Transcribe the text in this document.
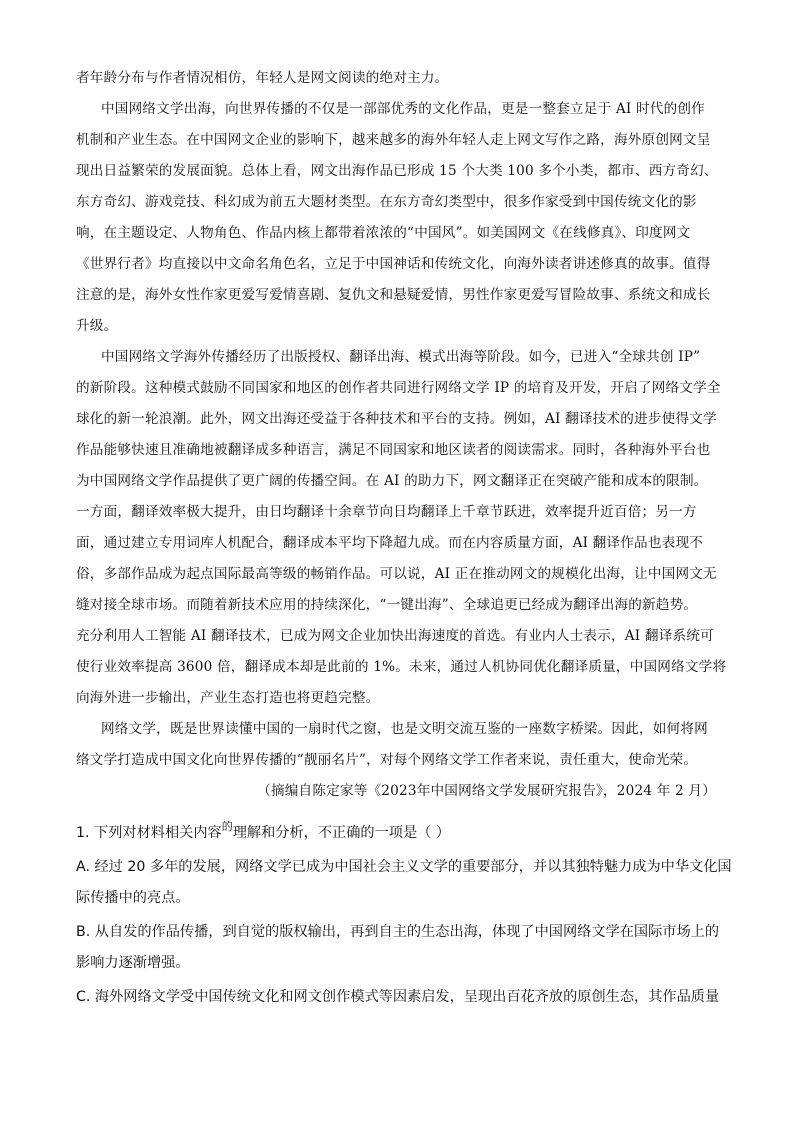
者年龄分布与作者情况相仿，年轻人是网文阅读的绝对主力。
中国网络文学出海，向世界传播的不仅是一部部优秀的文化作品，更是一整套立足于 AI 时代的创作
机制和产业生态。在中国网文企业的影响下，越来越多的海外年轻人走上网文写作之路，海外原创网文呈
现出日益繁荣的发展面貌。总体上看，网文出海作品已形成 15 个大类 100 多个小类，都市、西方奇幻、
东方奇幻、游戏竞技、科幻成为前五大题材类型。在东方奇幻类型中，很多作家受到中国传统文化的影
响，在主题设定、人物角色、作品内核上都带着浓浓的“中国风”。如美国网文《在线修真》、印度网文
《世界行者》均直接以中文命名角色名，立足于中国神话和传统文化，向海外读者讲述修真的故事。值得
注意的是，海外女性作家更爱写爱情喜剧、复仇文和悬疑爱情，男性作家更爱写冒险故事、系统文和成长
升级。
中国网络文学海外传播经历了出版授权、翻译出海、模式出海等阶段。如今，已进入“全球共创 IP”
的新阶段。这种模式鼓励不同国家和地区的创作者共同进行网络文学 IP 的培育及开发，开启了网络文学全
球化的新一轮浪潮。此外，网文出海还受益于各种技术和平台的支持。例如，AI 翻译技术的进步使得文学
作品能够快速且准确地被翻译成多种语言，满足不同国家和地区读者的阅读需求。同时，各种海外平台也
为中国网络文学作品提供了更广阔的传播空间。在 AI 的助力下，网文翻译正在突破产能和成本的限制。
一方面，翻译效率极大提升，由日均翻译十余章节向日均翻译上千章节跃进，效率提升近百倍；另一方
面，通过建立专用词库人机配合，翻译成本平均下降超九成。而在内容质量方面，AI 翻译作品也表现不
俗，多部作品成为起点国际最高等级的畅销作品。可以说，AI 正在推动网文的规模化出海，让中国网文无
缝对接全球市场。而随着新技术应用的持续深化，“一键出海”、全球追更已经成为翻译出海的新趋势。
充分利用人工智能 AI 翻译技术，已成为网文企业加快出海速度的首选。有业内人士表示，AI 翻译系统可
使行业效率提高 3600 倍，翻译成本却是此前的 1%。未来，通过人机协同优化翻译质量，中国网络文学将
向海外进一步输出，产业生态打造也将更趋完整。
网络文学，既是世界读懂中国的一扇时代之窗，也是文明交流互鉴的一座数字桥梁。因此，如何将网
络文学打造成中国文化向世界传播的“靓丽名片”，对每个网络文学工作者来说，责任重大，使命光荣。
（摘编自陈定家等《2023年中国网络文学发展研究报告》，2024 年 2 月）
1. 下列对材料相关内容$^的$理解和分析，不正确的一项是（ ）
A. 经过 20 多年的发展，网络文学已成为中国社会主义文学的重要部分，并以其独特魅力成为中华文化国
际传播中的亮点。
B. 从自发的作品传播，到自觉的版权输出，再到自主的生态出海，体现了中国网络文学在国际市场上的
影响力逐渐增强。
C. 海外网络文学受中国传统文化和网文创作模式等因素启发，呈现出百花齐放的原创生态，其作品质量
